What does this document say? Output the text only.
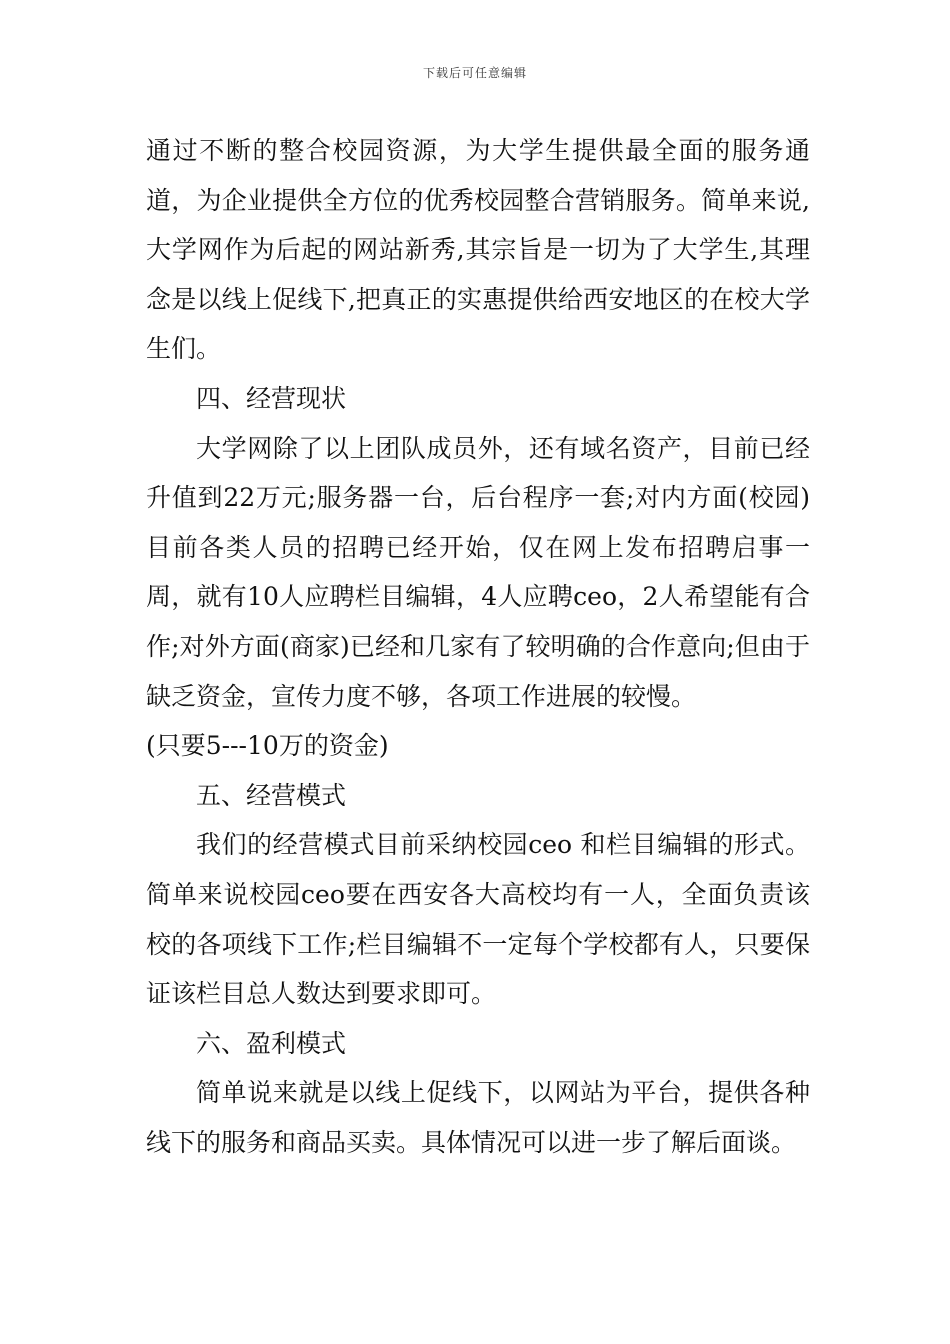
下载后可任意编辑

通过不断的整合校园资源，为大学生提供最全面的服务通道，为企业提供全方位的优秀校园整合营销服务。简单来说,大学网作为后起的网站新秀,其宗旨是一切为了大学生,其理念是以线上促线下,把真正的实惠提供给西安地区的在校大学生们。

四、经营现状

大学网除了以上团队成员外，还有域名资产，目前已经升值到22万元;服务器一台，后台程序一套;对内方面(校园)目前各类人员的招聘已经开始，仅在网上发布招聘启事一周，就有10人应聘栏目编辑，4人应聘ceo，2人希望能有合作;对外方面(商家)已经和几家有了较明确的合作意向;但由于缺乏资金，宣传力度不够，各项工作进展的较慢。

(只要5---10万的资金)

五、经营模式

我们的经营模式目前采纳校园ceo 和栏目编辑的形式。简单来说校园ceo要在西安各大高校均有一人，全面负责该校的各项线下工作;栏目编辑不一定每个学校都有人，只要保证该栏目总人数达到要求即可。

六、盈利模式

简单说来就是以线上促线下，以网站为平台，提供各种线下的服务和商品买卖。具体情况可以进一步了解后面谈。
